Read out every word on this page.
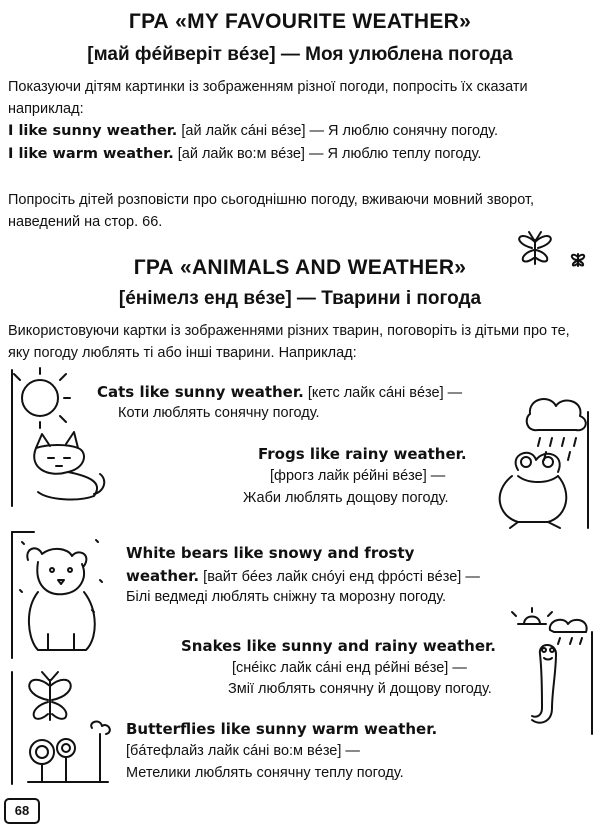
ГРА «MY FAVOURITE WEATHER»
[май фéйверіт вéзе] — Моя улюблена погода
Показуючи дітям картинки із зображенням різної погоди, попросіть їх сказати наприклад:
I like sunny weather. [ай лайк сáні вéзе] — Я люблю сонячну погоду.
I like warm weather. [ай лайк во:м вéзе] — Я люблю теплу погоду.
Попросіть дітей розповісти про сьогоднішню погоду, вживаючи мовний зворот, наведений на стор. 66.
ГРА «ANIMALS AND WEATHER»
[éнімелз енд вéзе] — Тварини і погода
Використовуючи картки із зображеннями різних тварин, поговоріть із дітьми про те, яку погоду люблять ті або інші тварини. Наприклад:
Cats like sunny weather. [кетс лайк сáні вéзе] —
Коти люблять сонячну погоду.
Frogs like rainy weather.
[фрогз лайк рéйні вéзе] —
Жаби люблять дощову погоду.
White bears like snowy and frosty
weather. [вайт бéез лайк снóуі енд фрóсті вéзе] —
Білі ведмеді люблять сніжну та морозну погоду.
Snakes like sunny and rainy weather.
[снéікс лайк сáні енд рéйні вéзе] —
Змії люблять сонячну й дощову погоду.
Butterflies like sunny warm weather.
[бáтефлайз лайк сáні во:м вéзе] —
Метелики люблять сонячну теплу погоду.
68
